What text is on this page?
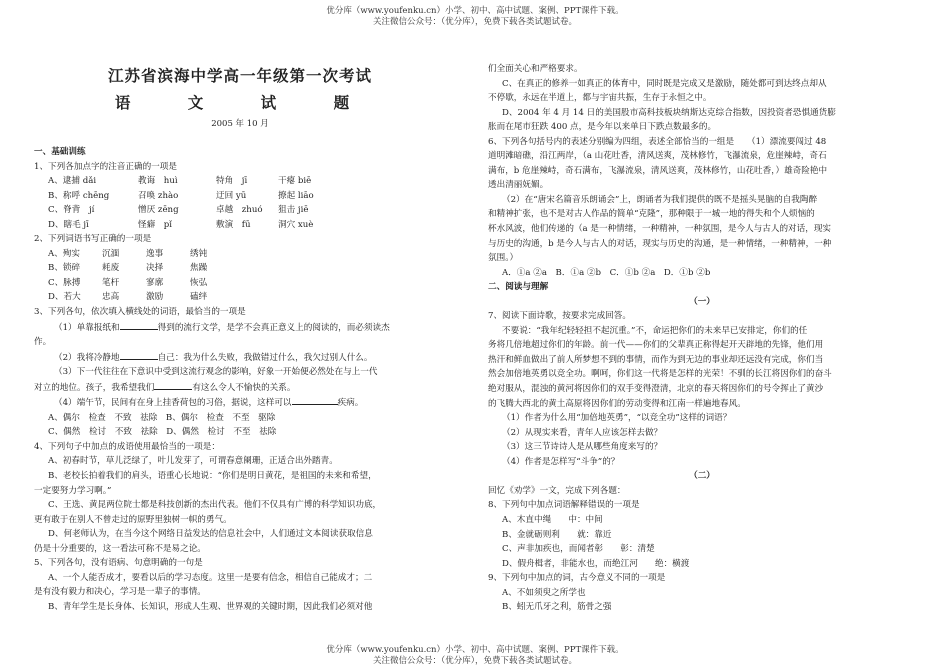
优分库（www.youfenku.cn）小学、初中、高中试题、案例、PPT课件下载。
关注微信公众号：（优分库），免费下载各类试题试卷。

江苏省滨海中学高一年级第一次考试

语 文 试 题

2005 年 10 月

一、基础训练

1、下列各加点字的注音正确的一项是

A、逮捕 dǎi	教诲　huì	特角　jī	干瘪 biē

B、称呼 chēng	召唤 zhào	迂回 yū	撩起 liāo

C、脊背　jí	憎厌 zēng	卓越　zhuó 狙击 jiē

D、瞎毛 jī	怪癖　pǐ	敷演　fū	洞穴 xuè

2、下列词语书写正确的一项是

A、殉实	沉湎	逸事	绣钝

B、锁碎	耗废	决择	焦躁

C、脉搏	笔杆	寥廓	恢弘

D、若大 忠高	激励	磕绊

3、下列各句，依次填入横线处的词语，最恰当的一项是

（1）单靠报纸和	得到的流行文学，是学不会真正意义上的阅读的，而必须读杰

作。

（2）我将冷静地	自己：我为什么失败，我做错过什么，我欠过别人什么。

（3）下一代往往在下意识中受到这流行观念的影响，好象一开始便必然处在与上一代

对立的地位。孩子，我希望我们	有这么令人不愉快的关系。

（4）端午节，民间有在身上挂香荷包的习俗，据说，这样可以	疾病。

A、偶尔　检查　不致　祛除　B、偶尔　检查　不至　驱除

C、偶然　检讨　不致　祛除　D、偶然　检讨　不至　祛除

4、下列句子中加点的成语使用最恰当的一项是：

A、初春时节，草儿泛绿了，叶儿发芽了，可谓春意阑珊，正适合出外踏青。

B、老校长拍着我们的肩头，语重心长地说：“你们是明日黄花，是祖国的未来和希望，

一定要努力学习啊。”

C、王选、黄昆两位院士都是科技创新的杰出代表。他们不仅具有广博的科学知识功底，

更有敢于在别人不曾走过的原野里独树一帜的勇气。

D、何老师认为，在当今这个网络日益发达的信息社会中，人们通过文本阅读获取信息

仍是十分重要的，这一看法可称不是易之论。

5、下列各句，没有语病、句意明确的一句是

A、一个人能否成才，要看以后的学习态度。这里一是要有信念，相信自己能成才；二

是有没有毅力和决心，学习是一辈子的事情。

B、青年学生是长身体、长知识，形成人生观、世界观的关键时期，因此我们必须对他

们全面关心和严格要求。

C、在真正的修养一如真正的体育中，同时既是完成又是激励，随处都可到达终点却从

不停歇，永远在半道上，都与宇宙共振，生存于永恒之中。

D、2004 年 4 月 14 日的美国股市高科技板块纳斯达克综合指数，因投资者恐惧通货膨

胀而在尾市狂跌 400 点，是今年以来单日下跌点数最多的。

6、下列各句括号内的表述分别编为四组，表述全部恰当的一组是　　（1）漂流要闯过 48

道明滩暗礁，沿江两岸，（a 山花吐香，清风送爽，茂林修竹，飞瀑流泉，危崖辣峙，奇石

满布，b 危崖辣峙，奇石满布，飞瀑流泉，清风送爽，茂林修竹，山花吐香，）雄奇险艳中

透出清丽妩媚。

（2）在“唐宋名篇音乐朗诵会”上，朗诵者为我们提供的既不是摇头晃脑的自我陶醉

和精神扩张，也不是对古人作品的简单“克隆”，那种限于一城一地的得失和个人烦恼的

杯水风波，他们传递的（a 是一种情绪，一种精神，一种氛围，是今人与古人的对话，现实

与历史的沟通，b 是今人与古人的对话，现实与历史的沟通，是一种情绪，一种精神，一种

氛围。）

A．①a ②a　B．①a ②b　C．①b ②a　D．①b ②b

二、阅读与理解

（一）

7、阅读下面诗歌，按要求完成回答。

不要说：“我年纪轻轻担不起沉重。”不，命运把你们的未来早已安排定，你们的任

务将几倍地超过你们的年龄。前一代——你们的父辈真正称得起开天辟地的先锋，他们用

热汗和鲜血做出了前人所梦想不到的事情，而作为到无边的事业却还远没有完成，你们当

然会加倍地英勇以竞全功。啊呵，你们这一代将是怎样的光荣！不驯的长江将因你们的奋斗

绝对服从，混浊的黄河将因你们的双手变得澄清，北京的春天将因你们的号令挥止了黄沙

的飞腾大西北的黄土高原将因你们的劳动变得和江南一样遍地春风。

（1）作者为什么用“加倍地英勇”，“以竞全功”这样的词语？

（2）从现实来看，青年人应该怎样去做？

（3）这三节诗诗人是从哪些角度来写的？

（4）作者是怎样写“斗争”的？

（二）

回忆《劝学》一文，完成下列各题：

8、下列句中加点词语解释错误的一项是

A、木直中绳　　中：中间

B、金就砺则利　　就：靠近

C、声非加疾也，而闻者彰　　彰：清楚

D、假舟楫者，非能水也，而绝江河　　绝：横渡

9、下列句中加点的词，古今意义不同的一项是

A、不如须臾之所学也

B、蚓无爪牙之利，筋骨之强

优分库（www.youfenku.cn）小学、初中、高中试题、案例、PPT课件下载。
关注微信公众号：（优分库），免费下载各类试题试卷。
